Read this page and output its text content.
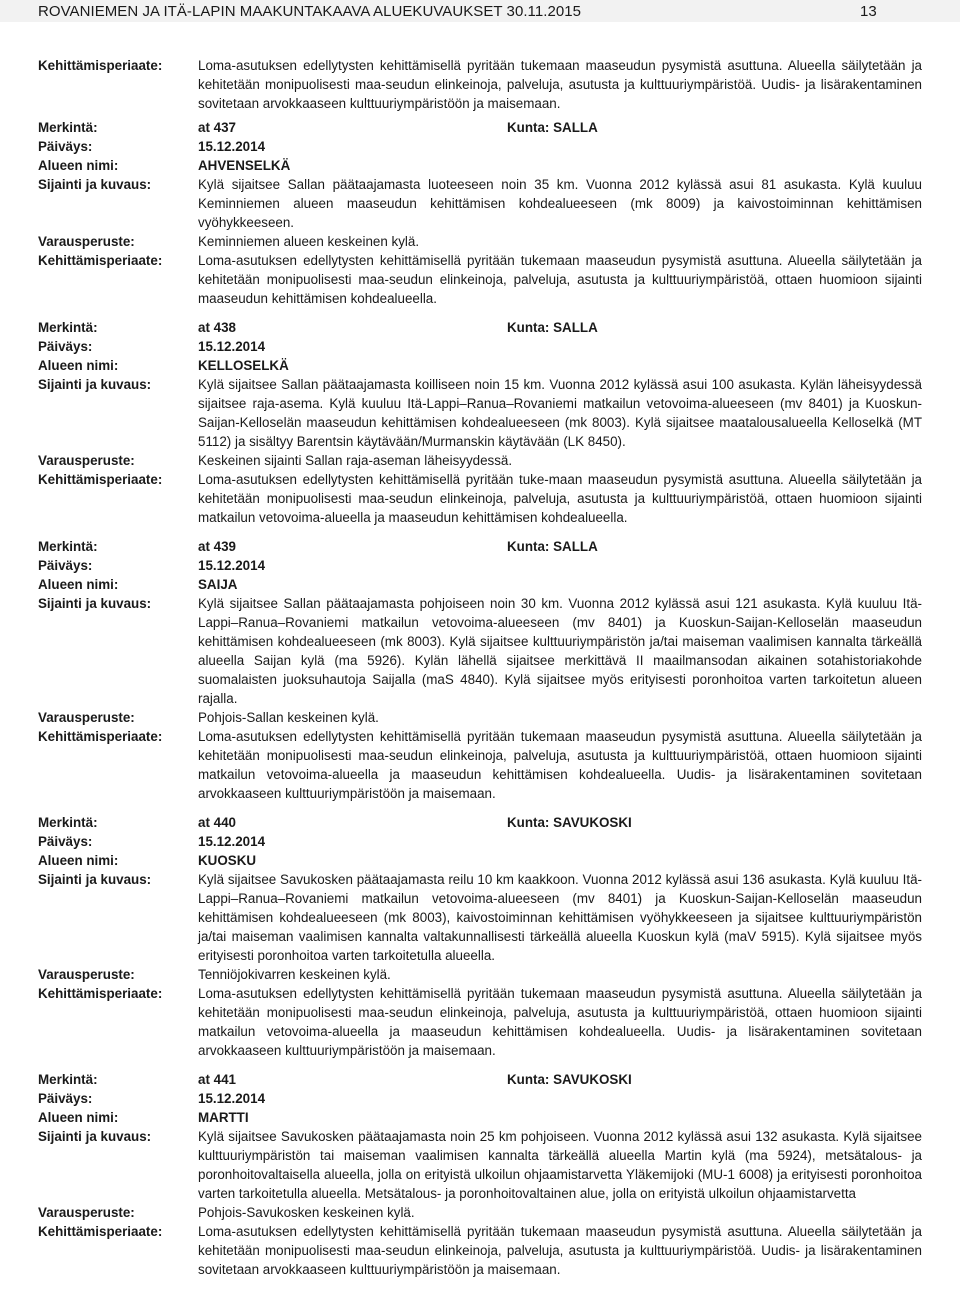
ROVANIEMEN JA ITÄ-LAPIN MAAKUNTAKAAVA ALUEKUVAUKSET 30.11.2015	13
Kehittämisperiaate:	Loma-asutuksen edellytysten kehittämisellä pyritään tukemaan maaseudun pysymistä asuttuna. Alueella säilytetään ja kehitetään monipuolisesti maa-seudun elinkeinoja, palveluja, asutusta ja kulttuuriympäristöä. Uudis- ja lisärakentaminen sovitetaan arvokkaaseen kulttuuriympäristöön ja maisemaan.
Merkintä:	at 437	Kunta: SALLA
Päiväys:	15.12.2014
Alueen nimi:	AHVENSELKÄ
Sijainti ja kuvaus:	Kylä sijaitsee Sallan päätaajamasta luoteeseen noin 35 km. Vuonna 2012 kylässä asui 81 asukasta. Kylä kuuluu Keminniemen alueen maaseudun kehittämisen kohdealueeseen (mk 8009) ja kaivostoiminnan kehittämisen vyöhykkeeseen.
Varausperuste:	Keminniemen alueen keskeinen kylä.
Kehittämisperiaate:	Loma-asutuksen edellytysten kehittämisellä pyritään tukemaan maaseudun pysymistä asuttuna. Alueella säilytetään ja kehitetään monipuolisesti maa-seudun elinkeinoja, palveluja, asutusta ja kulttuuriympäristöä, ottaen huomioon sijainti maaseudun kehittämisen kohdealueella.
Merkintä:	at 438	Kunta: SALLA
Päiväys:	15.12.2014
Alueen nimi:	KELLOSELKÄ
Sijainti ja kuvaus:	Kylä sijaitsee Sallan päätaajamasta koilliseen noin 15 km. Vuonna 2012 kylässä asui 100 asukasta. Kylän läheisyydessä sijaitsee raja-asema. Kylä kuuluu Itä-Lappi–Ranua–Rovaniemi matkailun vetovoima-alueeseen (mv 8401) ja Kuoskun-Saijan-Kelloselän maaseudun kehittämisen kohdealueeseen (mk 8003). Kylä sijaitsee maatalousalueella Kelloselkä (MT 5112) ja sisältyy Barentsin käytävään/Murmanskin käytävään (LK 8450).
Varausperuste:	Keskeinen sijainti Sallan raja-aseman läheisyydessä.
Kehittämisperiaate:	Loma-asutuksen edellytysten kehittämisellä pyritään tuke-maan maaseudun pysymistä asuttuna. Alueella säilytetään ja kehitetään monipuolisesti maa-seudun elinkeinoja, palveluja, asutusta ja kulttuuriympäristöä, ottaen huomioon sijainti matkailun vetovoima-alueella ja maaseudun kehittämisen kohdealueella.
Merkintä:	at 439	Kunta: SALLA
Päiväys:	15.12.2014
Alueen nimi:	SAIJA
Sijainti ja kuvaus:	Kylä sijaitsee Sallan päätaajamasta pohjoiseen noin 30 km. Vuonna 2012 kylässä asui 121 asukasta. Kylä kuuluu Itä-Lappi–Ranua–Rovaniemi matkailun vetovoima-alueeseen (mv 8401) ja Kuoskun-Saijan-Kelloselän maaseudun kehittämisen kohdealueeseen (mk 8003). Kylä sijaitsee kulttuuriympäristön ja/tai maiseman vaalimisen kannalta tärkeällä alueella Saijan kylä (ma 5926). Kylän lähellä sijaitsee merkittävä II maailmansodan aikainen sotahistoriakohde suomalaisten juoksuhautoja Saijalla (maS 4840). Kylä sijaitsee myös erityisesti poronhoitoa varten tarkoitetun alueen rajalla.
Varausperuste:	Pohjois-Sallan keskeinen kylä.
Kehittämisperiaate:	Loma-asutuksen edellytysten kehittämisellä pyritään tukemaan maaseudun pysymistä asuttuna. Alueella säilytetään ja kehitetään monipuolisesti maa-seudun elinkeinoja, palveluja, asutusta ja kulttuuriympäristöä, ottaen huomioon sijainti matkailun vetovoima-alueella ja maaseudun kehittämisen kohdealueella. Uudis- ja lisärakentaminen sovitetaan arvokkaaseen kulttuuriympäristöön ja maisemaan.
Merkintä:	at 440	Kunta: SAVUKOSKI
Päiväys:	15.12.2014
Alueen nimi:	KUOSKU
Sijainti ja kuvaus:	Kylä sijaitsee Savukosken päätaajamasta reilu 10 km kaakkoon. Vuonna 2012 kylässä asui 136 asukasta. Kylä kuuluu Itä-Lappi–Ranua–Rovaniemi matkailun vetovoima-alueeseen (mv 8401) ja Kuoskun-Saijan-Kelloselän maaseudun kehittämisen kohdealueeseen (mk 8003), kaivostoiminnan kehittämisen vyöhykkeeseen ja sijaitsee kulttuuriympäristön ja/tai maiseman vaalimisen kannalta valtakunnallisesti tärkeällä alueella Kuoskun kylä (maV 5915). Kylä sijaitsee myös erityisesti poronhoitoa varten tarkoitetulla alueella.
Varausperuste:	Tenniöjokivarren keskeinen kylä.
Kehittämisperiaate:	Loma-asutuksen edellytysten kehittämisellä pyritään tukemaan maaseudun pysymistä asuttuna. Alueella säilytetään ja kehitetään monipuolisesti maa-seudun elinkeinoja, palveluja, asutusta ja kulttuuriympäristöä, ottaen huomioon sijainti matkailun vetovoima-alueella ja maaseudun kehittämisen kohdealueella. Uudis- ja lisärakentaminen sovitetaan arvokkaaseen kulttuuriympäristöön ja maisemaan.
Merkintä:	at 441	Kunta: SAVUKOSKI
Päiväys:	15.12.2014
Alueen nimi:	MARTTI
Sijainti ja kuvaus:	Kylä sijaitsee Savukosken päätaajamasta noin 25 km pohjoiseen. Vuonna 2012 kylässä asui 132 asukasta. Kylä sijaitsee kulttuuriympäristön tai maiseman vaalimisen kannalta tärkeällä alueella Martin kylä (ma 5924), metsätalous- ja poronhoitovaltaisella alueella, jolla on erityistä ulkoilun ohjaamistarvetta Yläkemijoki (MU-1 6008) ja erityisesti poronhoitoa varten tarkoitetulla alueella. Metsätalous- ja poronhoitovaltainen alue, jolla on erityistä ulkoilun ohjaamistarvetta
Varausperuste:	Pohjois-Savukosken keskeinen kylä.
Kehittämisperiaate:	Loma-asutuksen edellytysten kehittämisellä pyritään tukemaan maaseudun pysymistä asuttuna. Alueella säilytetään ja kehitetään monipuolisesti maa-seudun elinkeinoja, palveluja, asutusta ja kulttuuriympäristöä. Uudis- ja lisärakentaminen sovitetaan arvokkaaseen kulttuuriympäristöön ja maisemaan.
